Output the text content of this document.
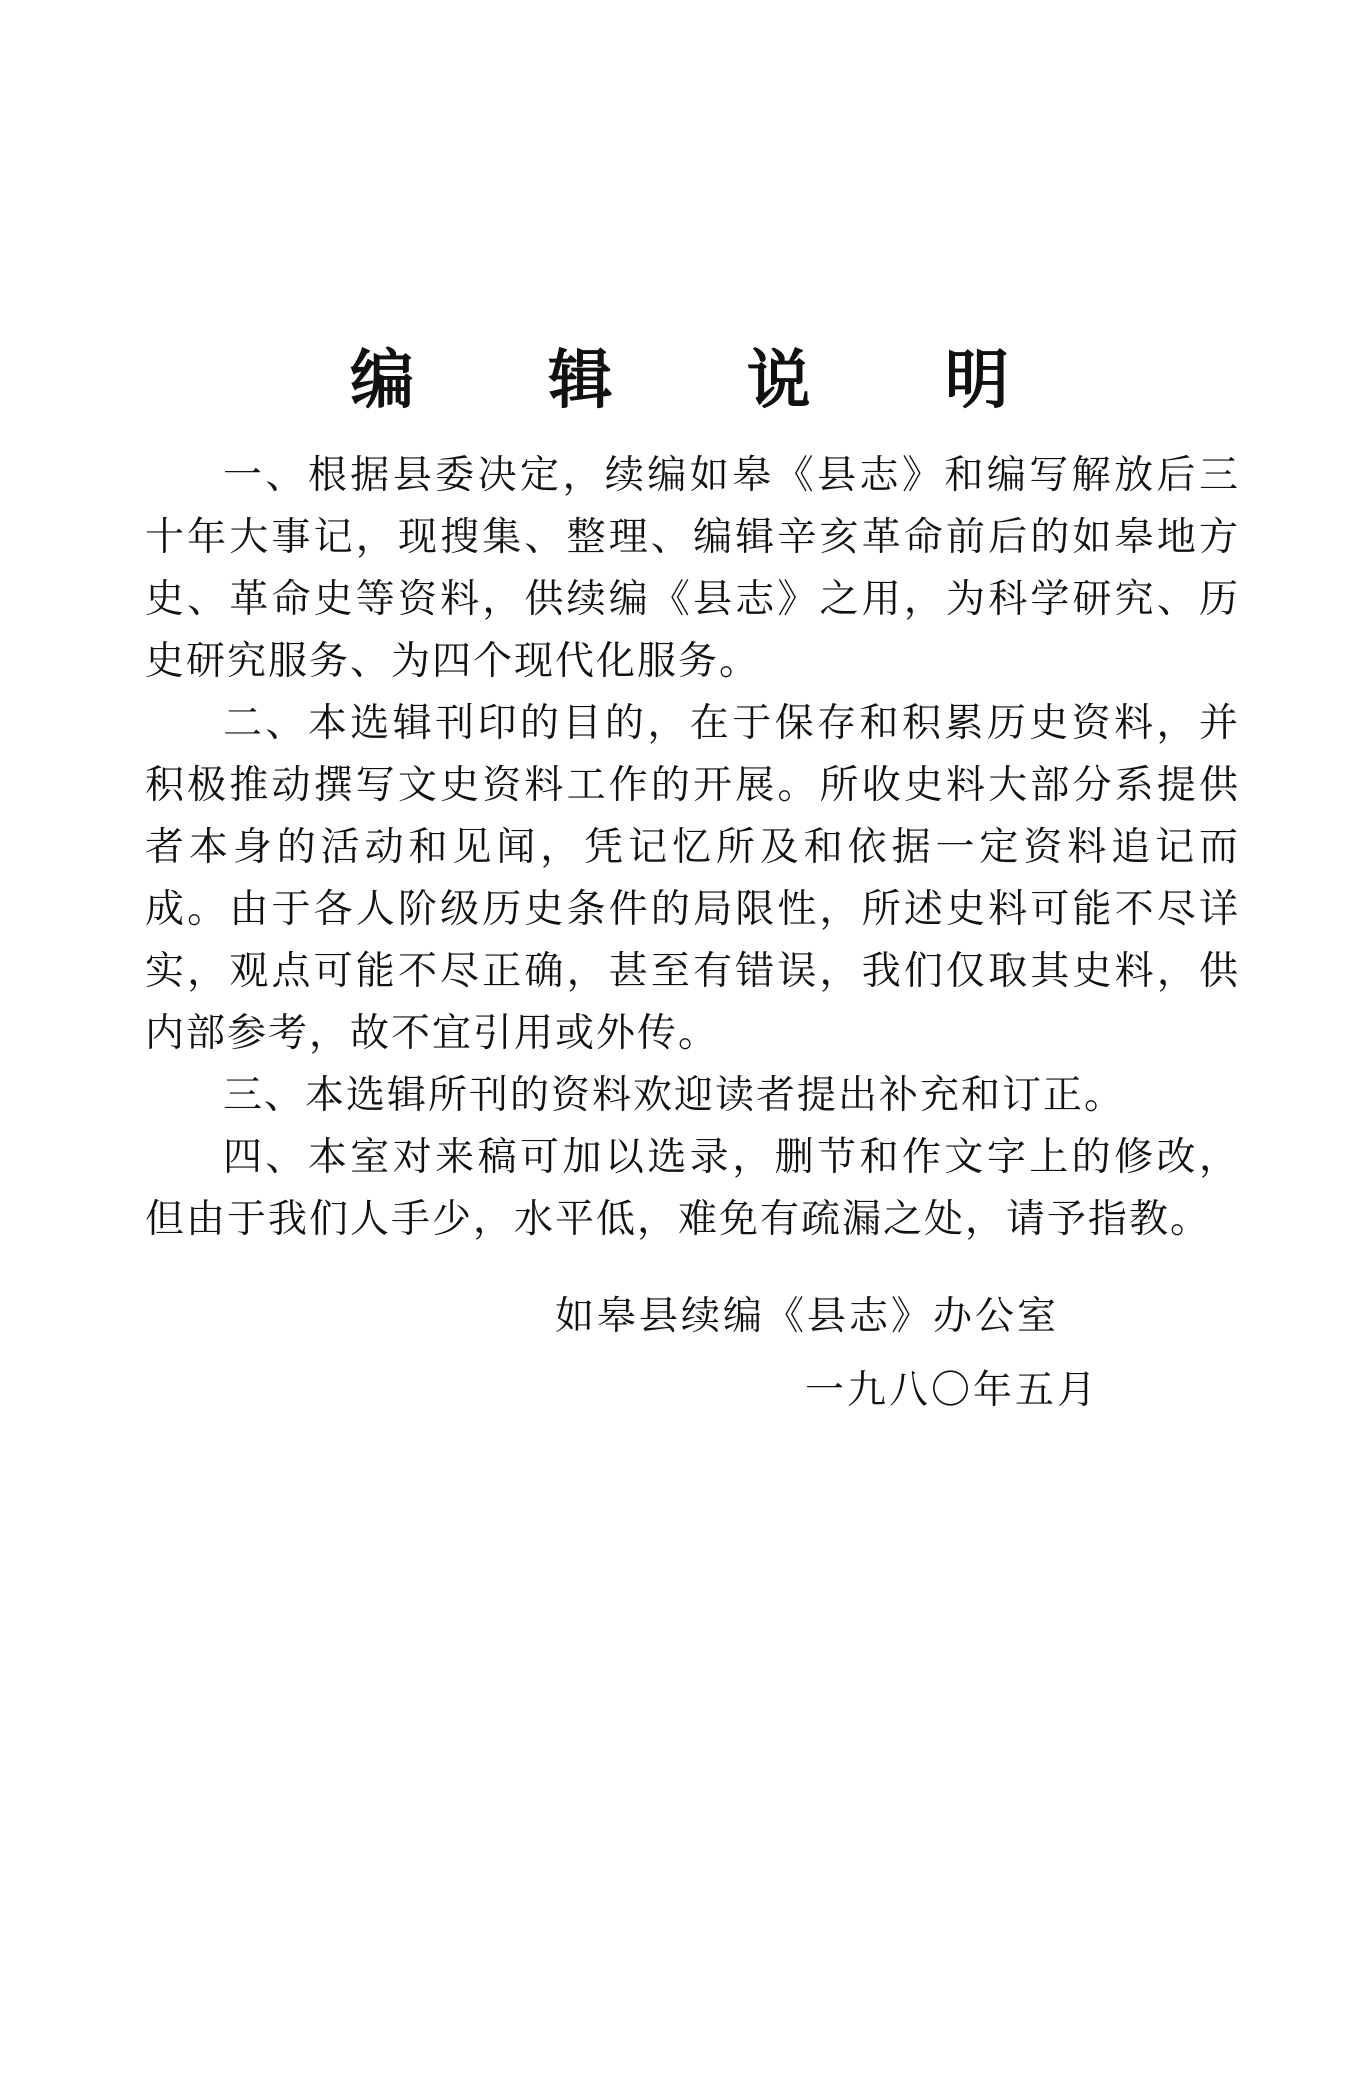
编 辑 说 明

一、根据县委决定，续编如皋《县志》和编写解放后三十年大事记，现搜集、整理、编辑辛亥革命前后的如皋地方史、革命史等资料，供续编《县志》之用，为科学研究、历史研究服务、为四个现代化服务。

二、本选辑刊印的目的，在于保存和积累历史资料，并积极推动撰写文史资料工作的开展。所收史料大部分系提供者本身的活动和见闻，凭记忆所及和依据一定资料追记而成。由于各人阶级历史条件的局限性，所述史料可能不尽详实，观点可能不尽正确，甚至有错误，我们仅取其史料，供内部参考，故不宜引用或外传。

三、本选辑所刊的资料欢迎读者提出补充和订正。

四、本室对来稿可加以选录，删节和作文字上的修改，但由于我们人手少，水平低，难免有疏漏之处，请予指教。

如皋县续编《县志》办公室
一九八〇年五月
